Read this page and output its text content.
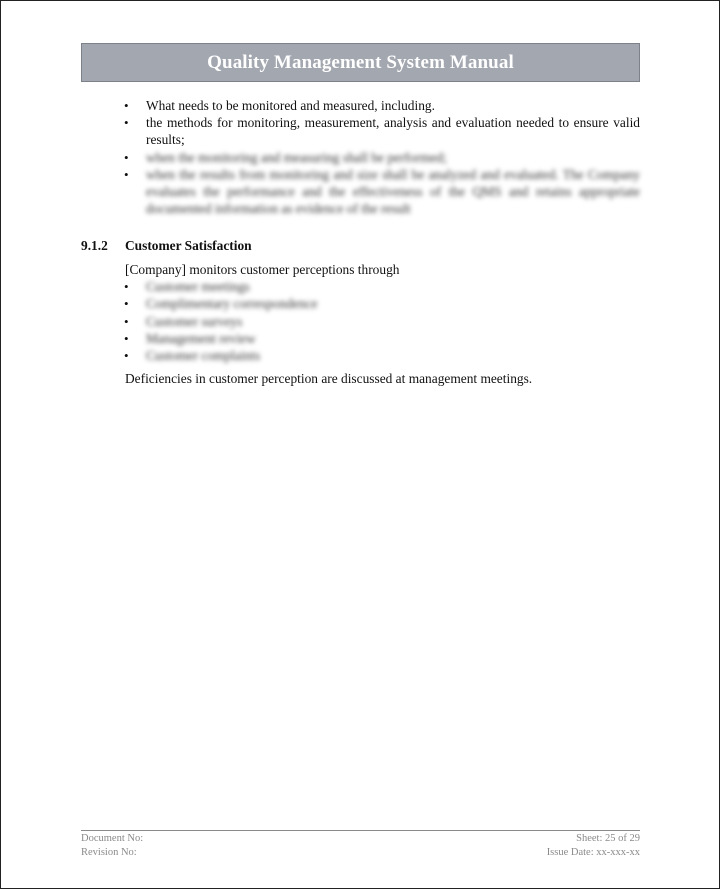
Quality Management System Manual
• What needs to be monitored and measured, including.
• the methods for monitoring, measurement, analysis and evaluation needed to ensure valid results;
• when the monitoring and measuring shall be performed;
• when the results from monitoring and size shall be analyzed and evaluated. The Company evaluates the performance and the effectiveness of the QMS and retains appropriate documented information as evidence of the result
9.1.2	Customer Satisfaction
[Company] monitors customer perceptions through
• Customer meetings
• Complimentary correspondence
• Customer surveys
• Management review
• Customer complaints
Deficiencies in customer perception are discussed at management meetings.
Document No:	Sheet: 25 of 29
Revision No:	Issue Date: xx-xxx-xx
